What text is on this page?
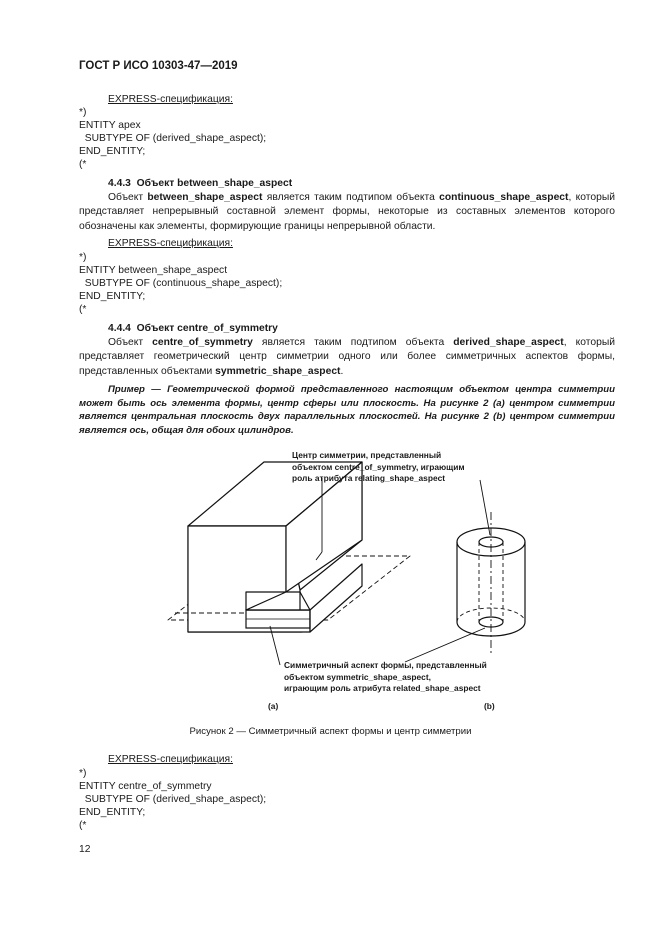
ГОСТ Р ИСО 10303-47—2019
EXPRESS-спецификация:
*)
ENTITY apex
SUBTYPE OF (derived_shape_aspect);
END_ENTITY;
(*
4.4.3  Объект between_shape_aspect
Объект between_shape_aspect является таким подтипом объекта continuous_shape_aspect, который представляет непрерывный составной элемент формы, некоторые из составных элементов которого обозначены как элементы, формирующие границы непрерывной области.
EXPRESS-спецификация:
*)
ENTITY between_shape_aspect
SUBTYPE OF (continuous_shape_aspect);
END_ENTITY;
(*
4.4.4  Объект centre_of_symmetry
Объект centre_of_symmetry является таким подтипом объекта derived_shape_aspect, который представляет геометрический центр симметрии одного или более симметричных аспектов формы, представленных объектами symmetric_shape_aspect.
Пример — Геометрической формой представленного настоящим объектом центра симметрии может быть ось элемента формы, центр сферы или плоскость. На рисунке 2 (а) центром симметрии является центральная плоскость двух параллельных плоскостей. На рисунке 2 (b) центром симметрии является ось, общая для обоих цилиндров.
Центр симметрии, представленный
объектом centre_of_symmetry, играющим
роль атрибута relating_shape_aspect
Симметричный аспект формы, представленный
объектом symmetric_shape_aspect,
играющим роль атрибута related_shape_aspect
(a)	(b)
Рисунок 2 — Симметричный аспект формы и центр симметрии
EXPRESS-спецификация:
*)
ENTITY centre_of_symmetry
SUBTYPE OF (derived_shape_aspect);
END_ENTITY;
(*
12
